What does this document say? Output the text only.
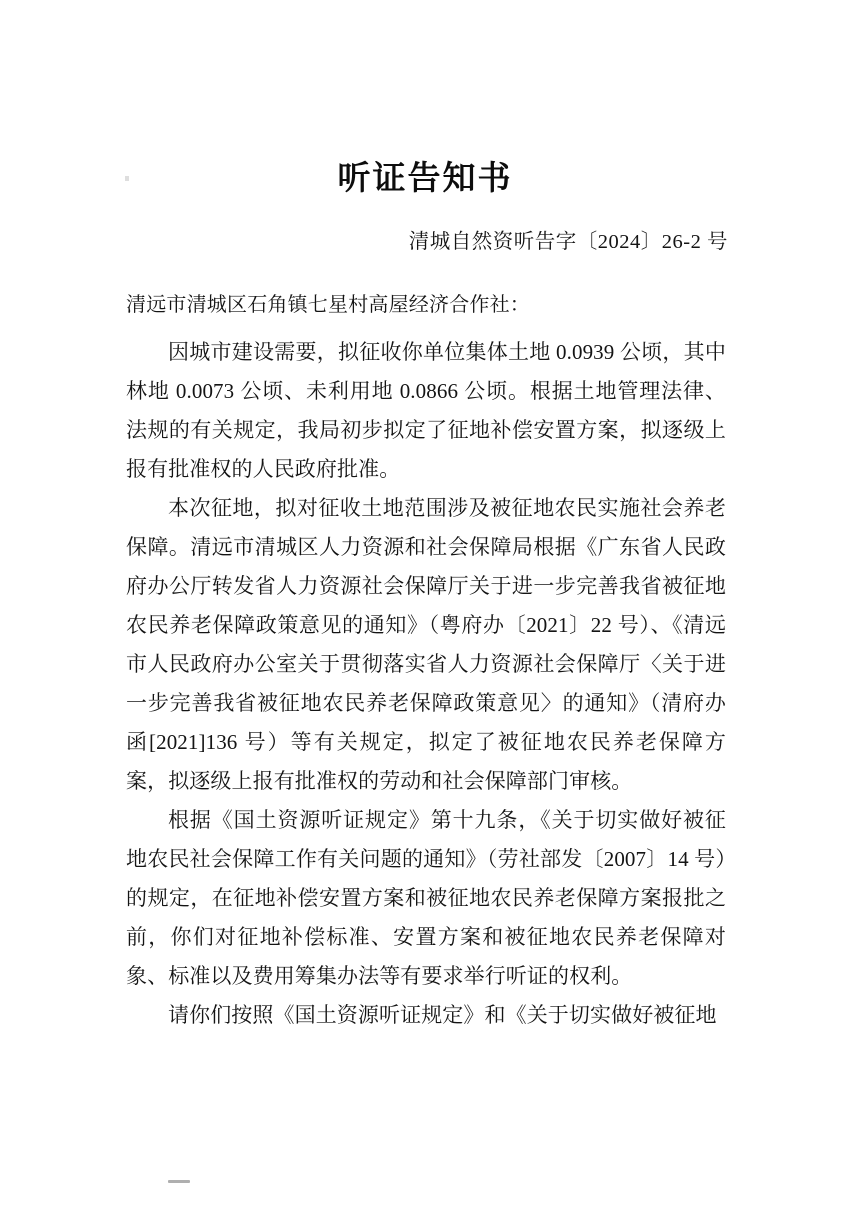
听证告知书
清城自然资听告字〔2024〕26-2 号

清远市清城区石角镇七星村高屋经济合作社：

因城市建设需要，拟征收你单位集体土地 0.0939 公顷，其中林地 0.0073 公顷、未利用地 0.0866 公顷。根据土地管理法律、法规的有关规定，我局初步拟定了征地补偿安置方案，拟逐级上报有批准权的人民政府批准。

本次征地，拟对征收土地范围涉及被征地农民实施社会养老保障。清远市清城区人力资源和社会保障局根据《广东省人民政府办公厅转发省人力资源社会保障厅关于进一步完善我省被征地农民养老保障政策意见的通知》（粤府办〔2021〕22 号）、《清远市人民政府办公室关于贯彻落实省人力资源社会保障厅〈关于进一步完善我省被征地农民养老保障政策意见〉的通知》（清府办函[2021]136 号）等有关规定，拟定了被征地农民养老保障方案，拟逐级上报有批准权的劳动和社会保障部门审核。

根据《国土资源听证规定》第十九条，《关于切实做好被征地农民社会保障工作有关问题的通知》（劳社部发〔2007〕14 号）的规定，在征地补偿安置方案和被征地农民养老保障方案报批之前，你们对征地补偿标准、安置方案和被征地农民养老保障对象、标准以及费用筹集办法等有要求举行听证的权利。

请你们按照《国土资源听证规定》和《关于切实做好被征地
